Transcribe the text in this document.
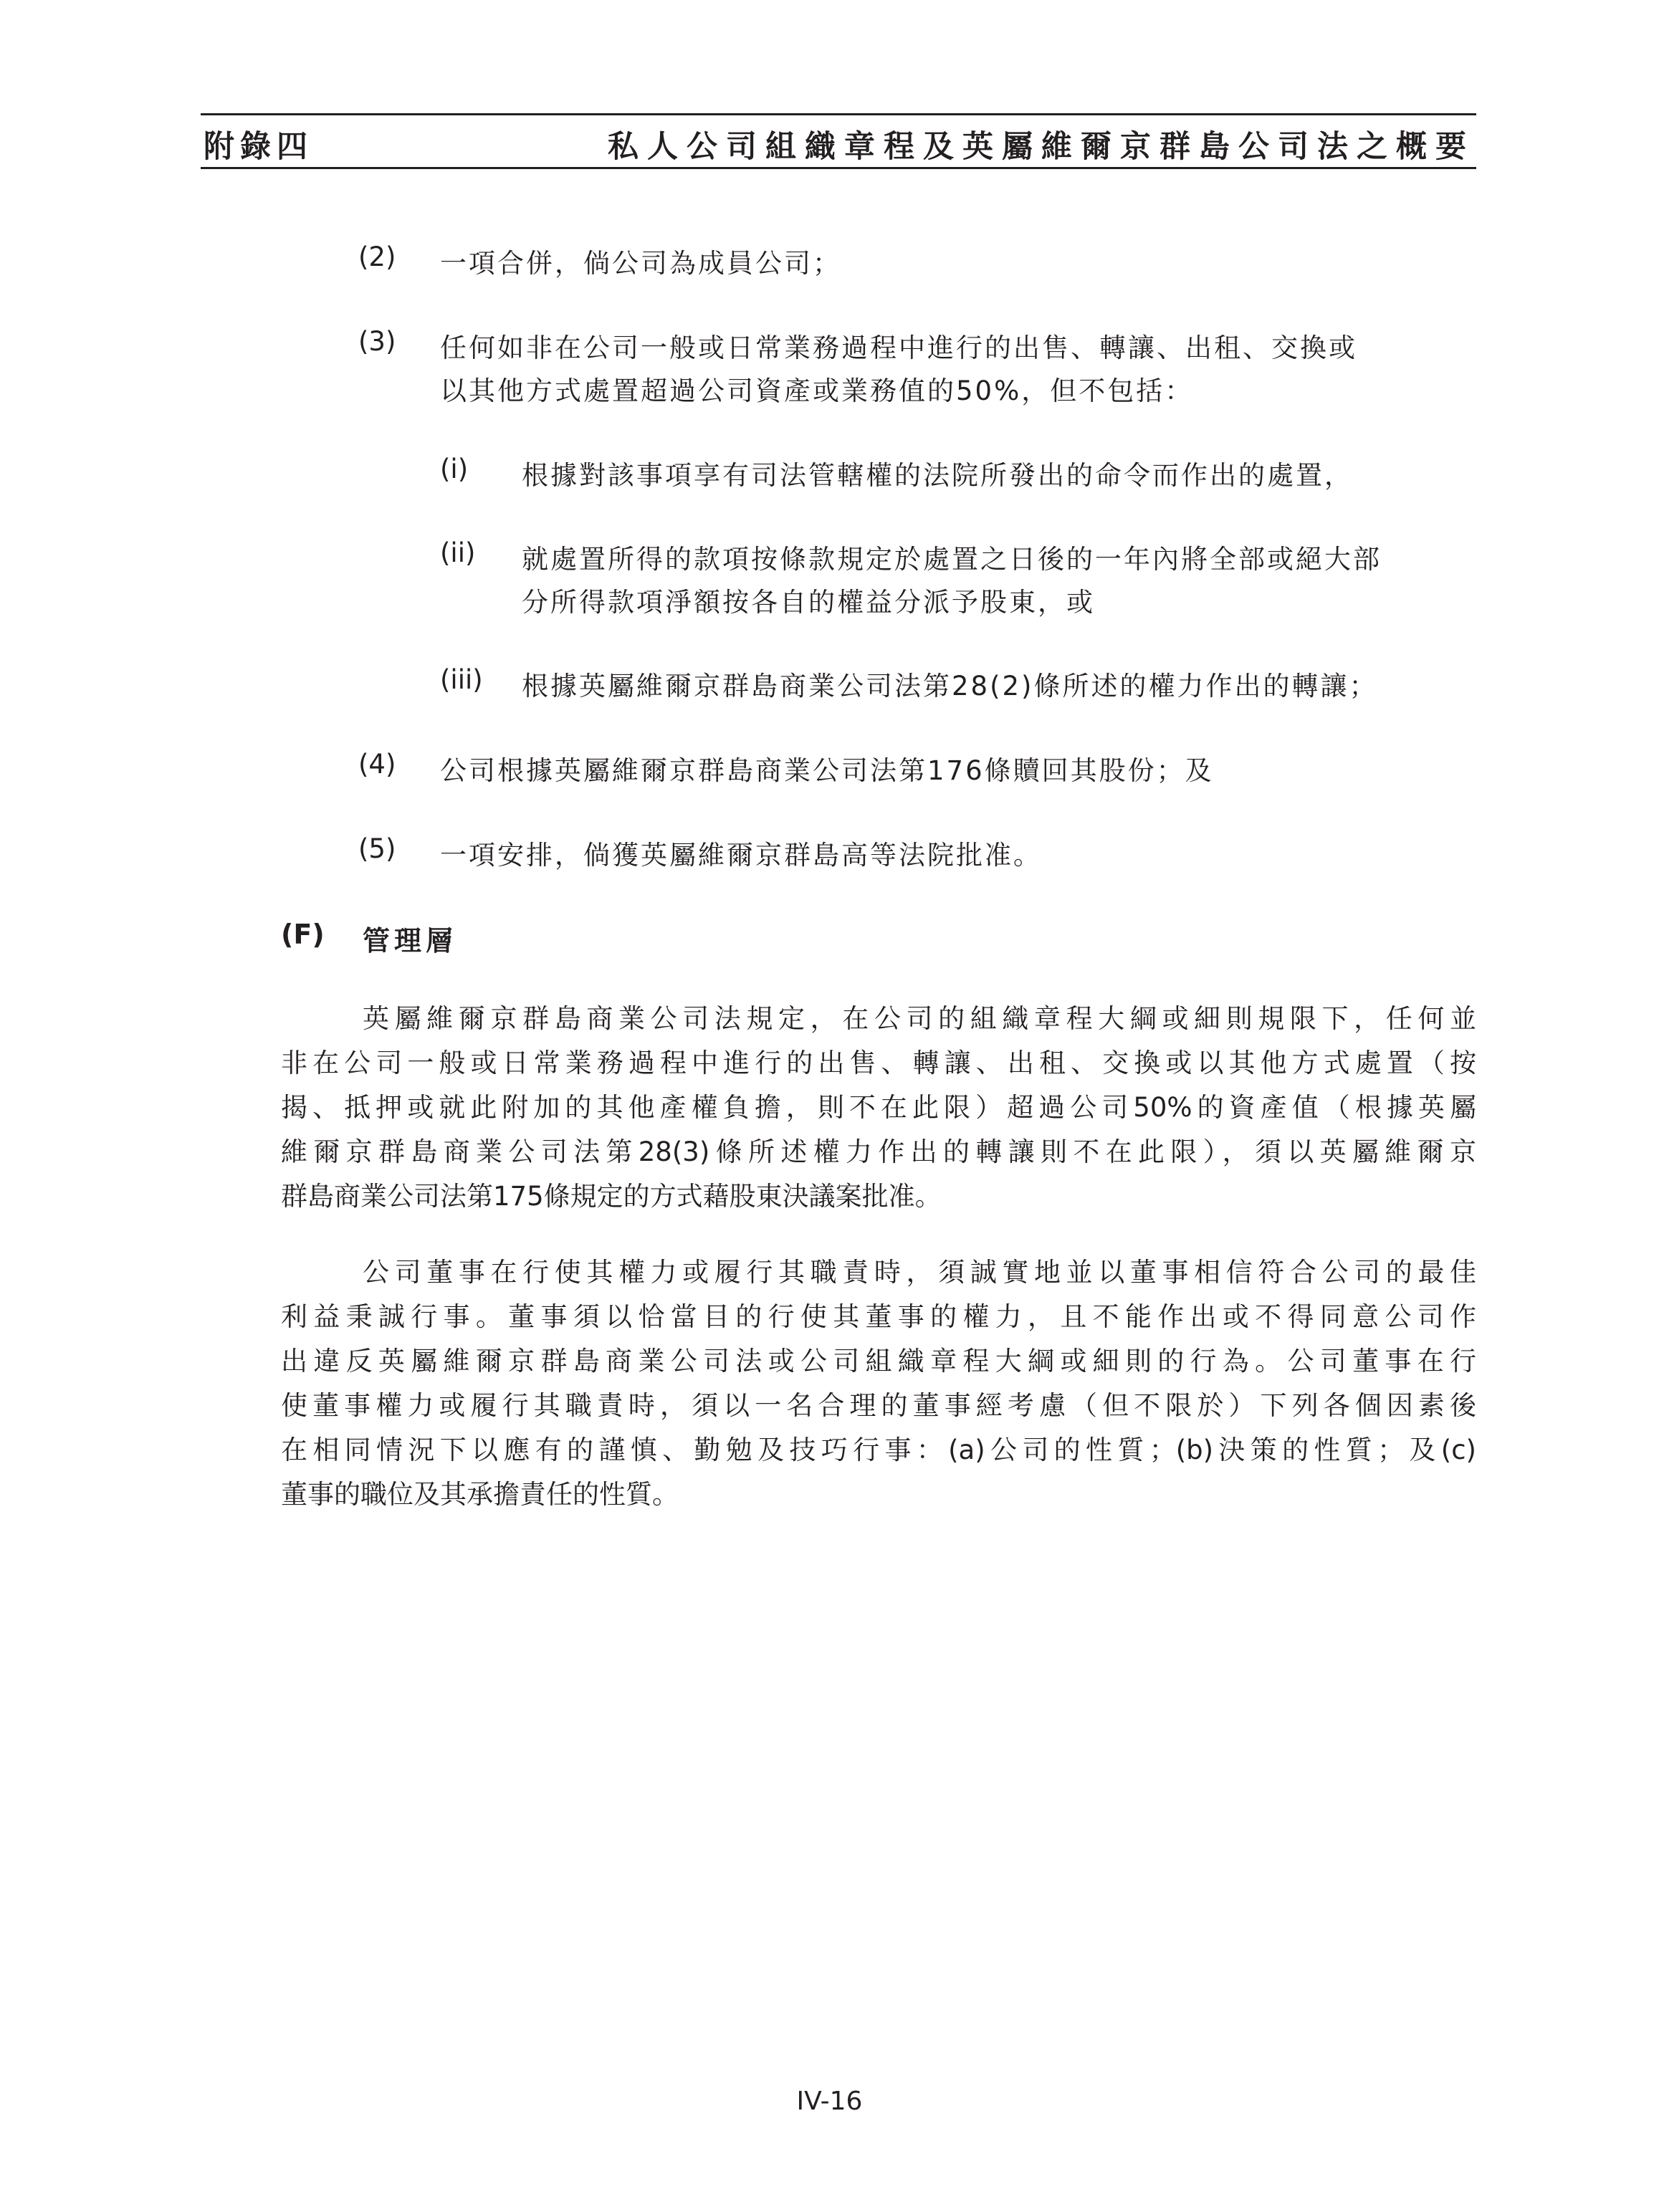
附錄四	私人公司組織章程及英屬維爾京群島公司法之概要
(2) 一項合併，倘公司為成員公司；
(3) 任何如非在公司一般或日常業務過程中進行的出售、轉讓、出租、交換或
以其他方式處置超過公司資產或業務值的50%，但不包括：
(i) 根據對該事項享有司法管轄權的法院所發出的命令而作出的處置，
(ii) 就處置所得的款項按條款規定於處置之日後的一年內將全部或絕大部
分所得款項淨額按各自的權益分派予股東，或
(iii) 根據英屬維爾京群島商業公司法第28(2)條所述的權力作出的轉讓；
(4) 公司根據英屬維爾京群島商業公司法第176條贖回其股份；及
(5) 一項安排，倘獲英屬維爾京群島高等法院批准。
(F) 管理層
英屬維爾京群島商業公司法規定，在公司的組織章程大綱或細則規限下，任何並
非在公司一般或日常業務過程中進行的出售、轉讓、出租、交換或以其他方式處置（按
揭、抵押或就此附加的其他產權負擔，則不在此限）超過公司50%的資產值（根據英屬
維爾京群島商業公司法第28(3)條所述權力作出的轉讓則不在此限），須以英屬維爾京
群島商業公司法第175條規定的方式藉股東決議案批准。
公司董事在行使其權力或履行其職責時，須誠實地並以董事相信符合公司的最佳
利益秉誠行事。董事須以恰當目的行使其董事的權力，且不能作出或不得同意公司作
出違反英屬維爾京群島商業公司法或公司組織章程大綱或細則的行為。公司董事在行
使董事權力或履行其職責時，須以一名合理的董事經考慮（但不限於）下列各個因素後
在相同情況下以應有的謹慎、勤勉及技巧行事：(a)公司的性質；(b)決策的性質；及(c)
董事的職位及其承擔責任的性質。
IV-16
